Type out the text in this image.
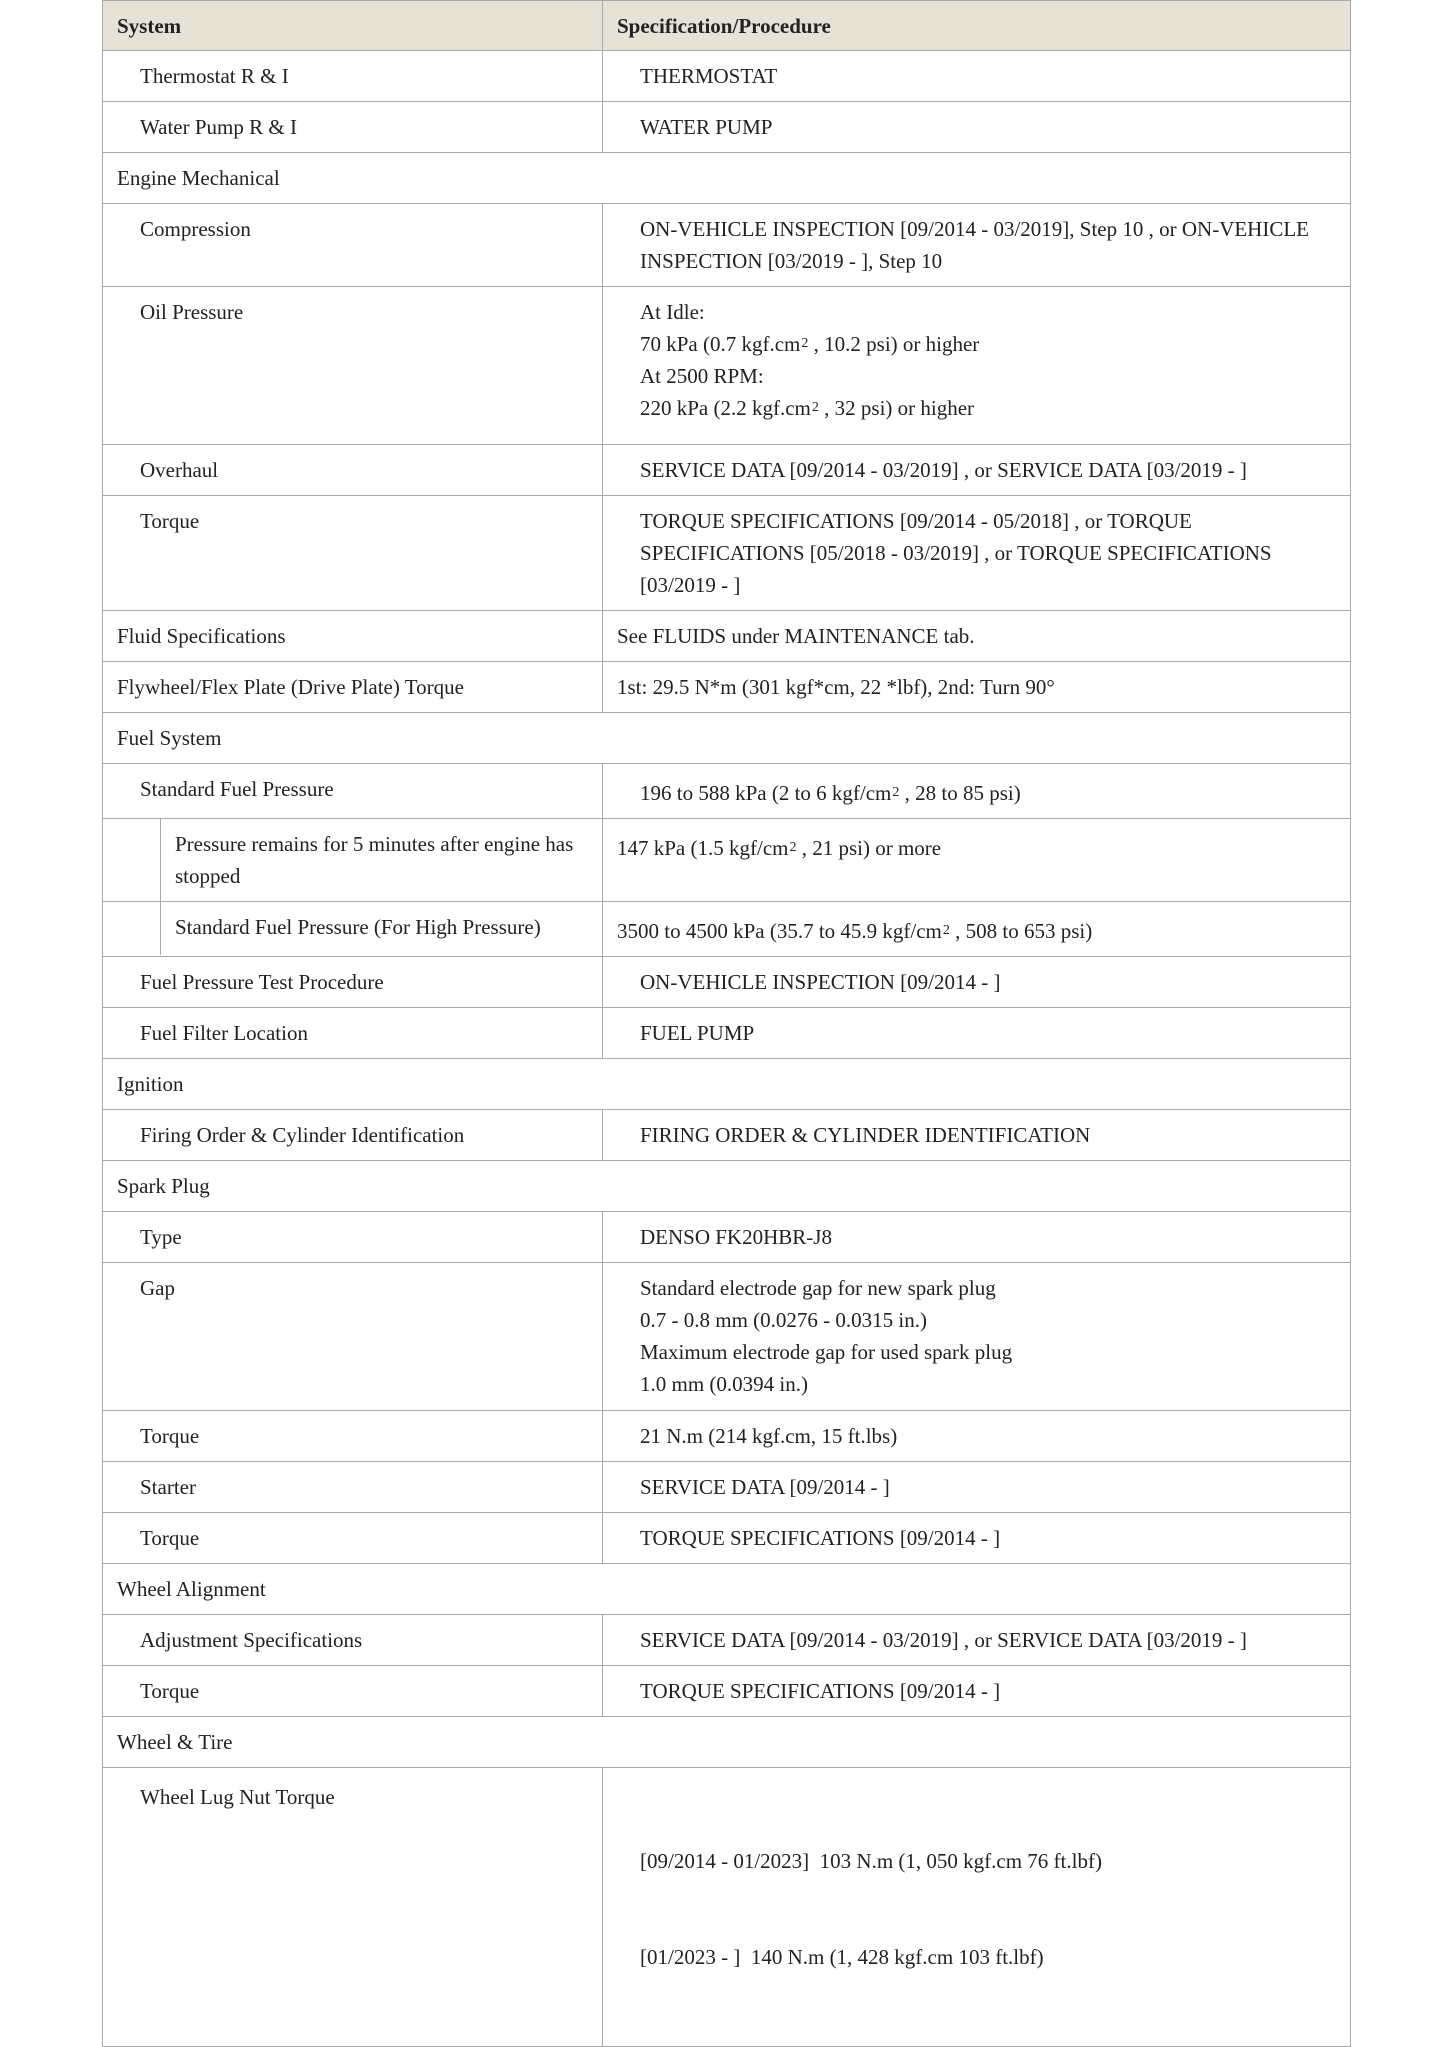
System	Specification/Procedure

Thermostat R & I	THERMOSTAT

Water Pump R & I	WATER PUMP

Engine Mechanical	

Compression	ON-VEHICLE INSPECTION [09/2014 - 03/2019], Step 10 , or ON-VEHICLE
INSPECTION [03/2019 - ], Step 10

Oil Pressure	At Idle:
70 kPa (0.7 $kgf.cm^2$ , 10.2 psi) or higher
At 2500 RPM:
220 kPa (2.2 $kgf.cm^2$ , 32 psi) or higher

Overhaul	SERVICE DATA [09/2014 - 03/2019] , or SERVICE DATA [03/2019 - ]

Torque	TORQUE SPECIFICATIONS [09/2014 - 05/2018] , or TORQUE
SPECIFICATIONS [05/2018 - 03/2019] , or TORQUE SPECIFICATIONS
[03/2019 - ]

Fluid Specifications	See FLUIDS under MAINTENANCE tab.

Flywheel/Flex Plate (Drive Plate) Torque	1st: 29.5 N*m (301 kgf*cm, 22 *lbf), 2nd: Turn 90°

Fuel System	

Standard Fuel Pressure	196 to 588 kPa (2 to 6 kgf/$cm^2$ , 28 to 85 psi)

Pressure remains for 5 minutes after engine has
stopped	147 kPa (1.5 kgf/$cm^2$ , 21 psi) or more

Standard Fuel Pressure (For High Pressure)	3500 to 4500 kPa (35.7 to 45.9 kgf/$cm^2$ , 508 to 653 psi)

Fuel Pressure Test Procedure	ON-VEHICLE INSPECTION [09/2014 - ]

Fuel Filter Location	FUEL PUMP

Ignition	

Firing Order & Cylinder Identification	FIRING ORDER & CYLINDER IDENTIFICATION

Spark Plug	

Type	DENSO FK20HBR-J8

Gap	Standard electrode gap for new spark plug
0.7 - 0.8 mm (0.0276 - 0.0315 in.)
Maximum electrode gap for used spark plug
1.0 mm (0.0394 in.)

Torque	21 N.m (214 kgf.cm, 15 ft.lbs)

Starter	SERVICE DATA [09/2014 - ]

Torque	TORQUE SPECIFICATIONS [09/2014 - ]

Wheel Alignment	

Adjustment Specifications	SERVICE DATA [09/2014 - 03/2019] , or SERVICE DATA [03/2019 - ]

Torque	TORQUE SPECIFICATIONS [09/2014 - ]

Wheel & Tire	

Wheel Lug Nut Torque	[09/2014 - 01/2023]  103 N.m (1, 050 kgf.cm 76 ft.lbf)

[01/2023 - ]  140 N.m (1, 428 kgf.cm 103 ft.lbf)
